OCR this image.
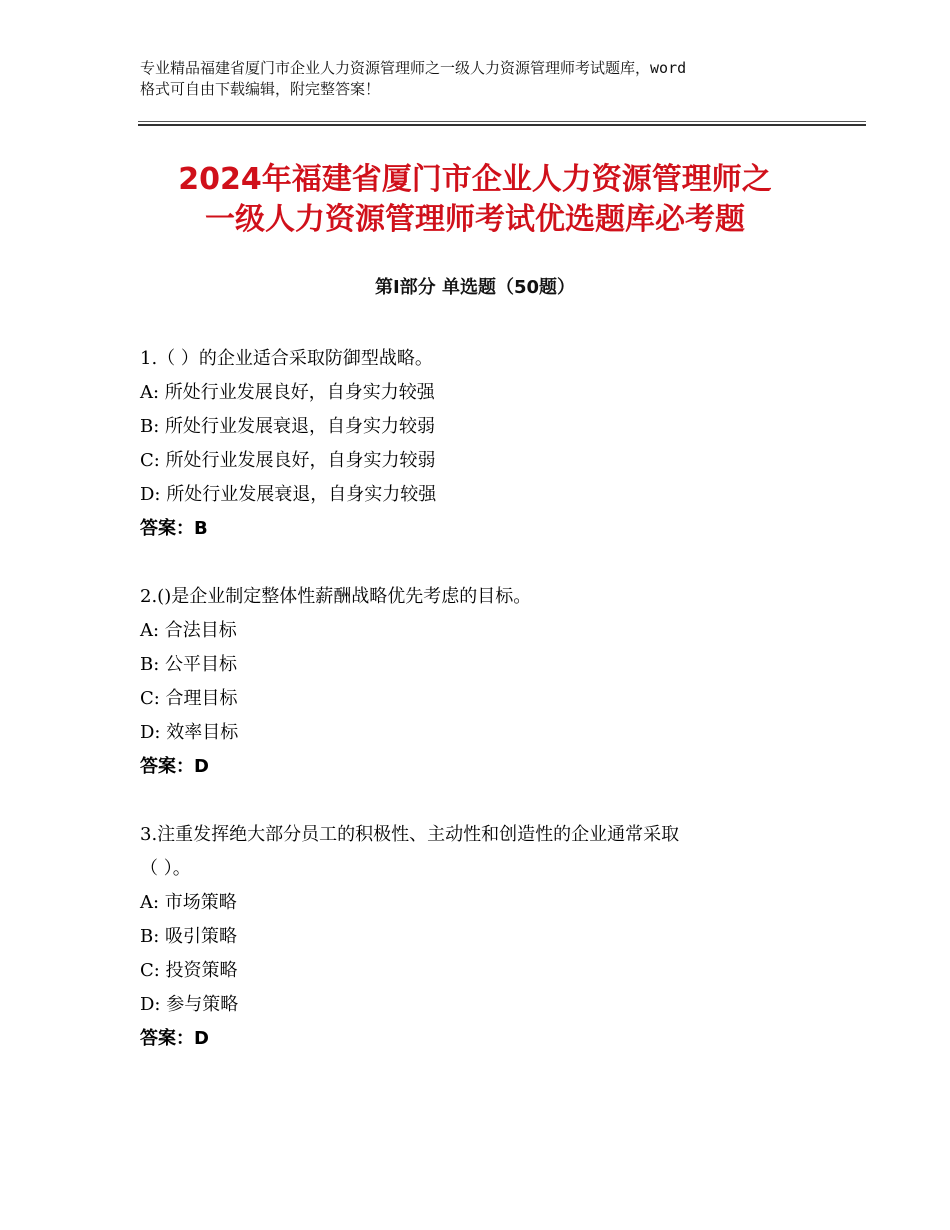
专业精品福建省厦门市企业人力资源管理师之一级人力资源管理师考试题库，word
格式可自由下载编辑，附完整答案！
2024年福建省厦门市企业人力资源管理师之
一级人力资源管理师考试优选题库必考题
第Ⅰ部分 单选题（50题）
1.（ ）的企业适合采取防御型战略。
A: 所处行业发展良好，自身实力较强
B: 所处行业发展衰退，自身实力较弱
C: 所处行业发展良好，自身实力较弱
D: 所处行业发展衰退，自身实力较强
答案：B
2.()是企业制定整体性薪酬战略优先考虑的目标。
A: 合法目标
B: 公平目标
C: 合理目标
D: 效率目标
答案：D
3.注重发挥绝大部分员工的积极性、主动性和创造性的企业通常采取
（ ）。
A: 市场策略
B: 吸引策略
C: 投资策略
D: 参与策略
答案：D
